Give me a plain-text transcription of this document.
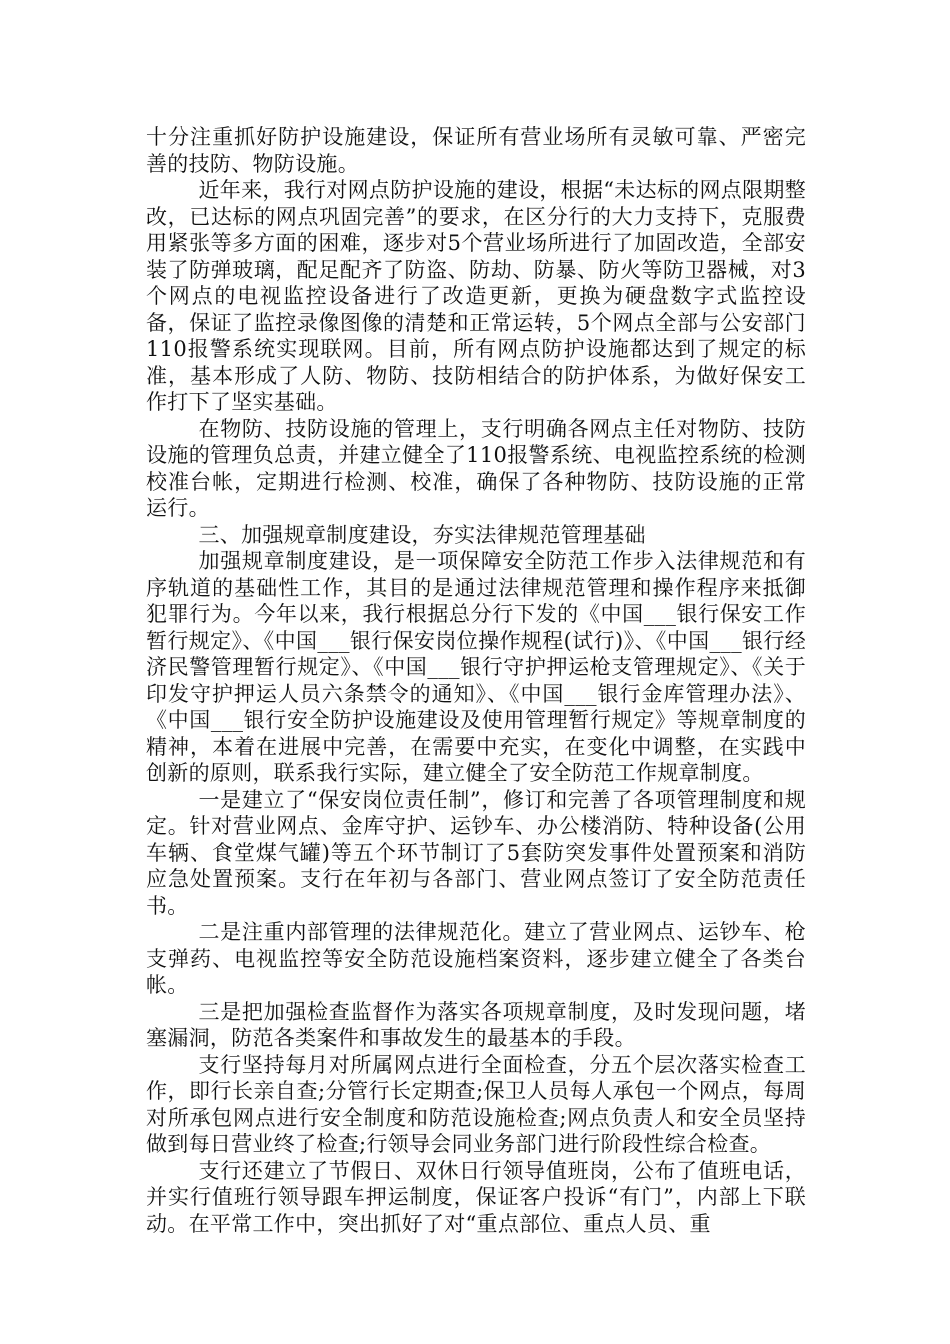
十分注重抓好防护设施建设，保证所有营业场所有灵敏可靠、严密完善的技防、物防设施。

近年来，我行对网点防护设施的建设，根据“未达标的网点限期整改，已达标的网点巩固完善”的要求，在区分行的大力支持下，克服费用紧张等多方面的困难，逐步对5个营业场所进行了加固改造，全部安装了防弹玻璃，配足配齐了防盗、防劫、防暴、防火等防卫器械，对3个网点的电视监控设备进行了改造更新，更换为硬盘数字式监控设备，保证了监控录像图像的清楚和正常运转，5个网点全部与公安部门110报警系统实现联网。目前，所有网点防护设施都达到了规定的标准，基本形成了人防、物防、技防相结合的防护体系，为做好保安工作打下了坚实基础。

在物防、技防设施的管理上，支行明确各网点主任对物防、技防设施的管理负总责，并建立健全了110报警系统、电视监控系统的检测校准台帐，定期进行检测、校准，确保了各种物防、技防设施的正常运行。

三、加强规章制度建设，夯实法律规范管理基础

加强规章制度建设，是一项保障安全防范工作步入法律规范和有序轨道的基础性工作，其目的是通过法律规范管理和操作程序来抵御犯罪行为。今年以来，我行根据总分行下发的《中国___银行保安工作暂行规定》、《中国___银行保安岗位操作规程(试行)》、《中国___银行经济民警管理暂行规定》、《中国___银行守护押运枪支管理规定》、《关于印发守护押运人员六条禁令的通知》、《中国___银行金库管理办法》、《中国___银行安全防护设施建设及使用管理暂行规定》等规章制度的精神，本着在进展中完善，在需要中充实，在变化中调整，在实践中创新的原则，联系我行实际，建立健全了安全防范工作规章制度。

一是建立了“保安岗位责任制”，修订和完善了各项管理制度和规定。针对营业网点、金库守护、运钞车、办公楼消防、特种设备(公用车辆、食堂煤气罐)等五个环节制订了5套防突发事件处置预案和消防应急处置预案。支行在年初与各部门、营业网点签订了安全防范责任书。

二是注重内部管理的法律规范化。建立了营业网点、运钞车、枪支弹药、电视监控等安全防范设施档案资料，逐步建立健全了各类台帐。

三是把加强检查监督作为落实各项规章制度，及时发现问题，堵塞漏洞，防范各类案件和事故发生的最基本的手段。

支行坚持每月对所属网点进行全面检查，分五个层次落实检查工作，即行长亲自查;分管行长定期查;保卫人员每人承包一个网点，每周对所承包网点进行安全制度和防范设施检查;网点负责人和安全员坚持做到每日营业终了检查;行领导会同业务部门进行阶段性综合检查。

支行还建立了节假日、双休日行领导值班岗，公布了值班电话，并实行值班行领导跟车押运制度，保证客户投诉“有门”，内部上下联动。在平常工作中，突出抓好了对“重点部位、重点人员、重
